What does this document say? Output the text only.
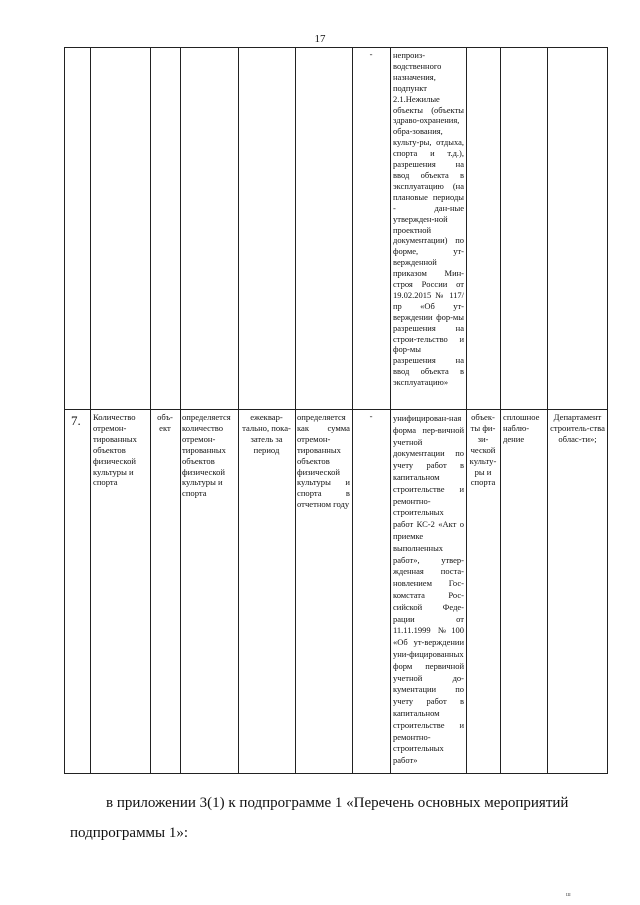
17
-	непроиз-водственного назначения, подпункт 2.1.Нежилые объекты (объекты здраво-охранения, обра-зования, культу-ры, отдыха, спорта и т.д.), разрешения на ввод объекта в эксплуатацию (на плановые периоды - дан-ные утвержден-ной проектной документации) по форме, ут-вержденной приказом Мин-строя России от 19.02.2015 № 117/пр «Об ут-верждении фор-мы разрешения на строи-тельство и фор-мы разрешения на ввод объекта в эксплуатацию»
7. Количество отремон-тированных объектов физической культуры и спорта
объ-ект
определяется количество отремон-тированных объектов физической культуры и спорта
ежеквар-тально, пока-затель за период
определяется как сумма отремон-тированных объектов физической культуры и спорта в отчетном году
-	унифицирован-ная форма пер-вичной учетной документации по учету работ в капитальном строительстве и ремонтно-строительных работ КС-2 «Акт о приемке выполненных работ», утвер-жденная поста-новлением Гос-комстата Рос-сийской Феде-рации от 11.11.1999 №100 «Об ут-верждении уни-фицированных форм первичной учетной до-кументации по учету работ в капитальном строительстве и ремонтно-строительных работ»
объек-ты фи-зи-ческой культу-ры и спорта
сплошное наблю-дение
Департамент строитель-ства облас-ти»;
в приложении 3(1) к подпрограмме 1 «Перечень основных мероприятий
подпрограммы 1»:
ш
